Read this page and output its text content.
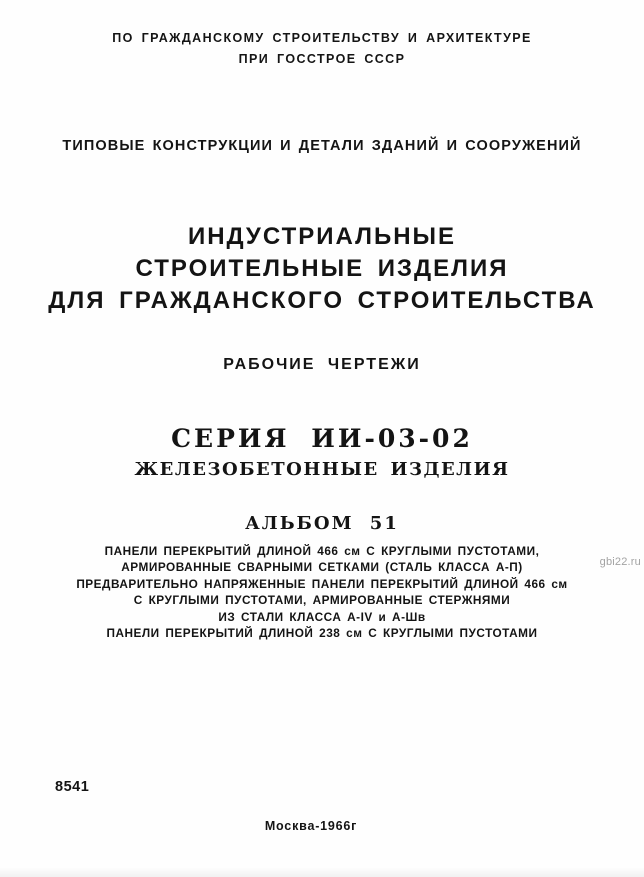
ПО ГРАЖДАНСКОМУ СТРОИТЕЛЬСТВУ И АРХИТЕКТУРЕ
ПРИ ГОССТРОЕ СССР
ТИПОВЫЕ КОНСТРУКЦИИ И ДЕТАЛИ ЗДАНИЙ И СООРУЖЕНИЙ
ИНДУСТРИАЛЬНЫЕ
СТРОИТЕЛЬНЫЕ ИЗДЕЛИЯ
ДЛЯ ГРАЖДАНСКОГО СТРОИТЕЛЬСТВА
РАБОЧИЕ ЧЕРТЕЖИ
СЕРИЯ ИИ-03-02
ЖЕЛЕЗОБЕТОННЫЕ ИЗДЕЛИЯ
АЛЬБОМ 51
ПАНЕЛИ ПЕРЕКРЫТИЙ ДЛИНОЙ 466 см С КРУГЛЫМИ ПУСТОТАМИ,
АРМИРОВАННЫЕ СВАРНЫМИ СЕТКАМИ (СТАЛЬ КЛАССА А-П)
ПРЕДВАРИТЕЛЬНО НАПРЯЖЕННЫЕ ПАНЕЛИ ПЕРЕКРЫТИЙ ДЛИНОЙ 466 см
С КРУГЛЫМИ ПУСТОТАМИ, АРМИРОВАННЫЕ СТЕРЖНЯМИ
ИЗ СТАЛИ КЛАССА А-IV и А-Шв
ПАНЕЛИ ПЕРЕКРЫТИЙ ДЛИНОЙ 238 см С КРУГЛЫМИ ПУСТОТАМИ
gbi22.ru
8541
Москва-1966г
